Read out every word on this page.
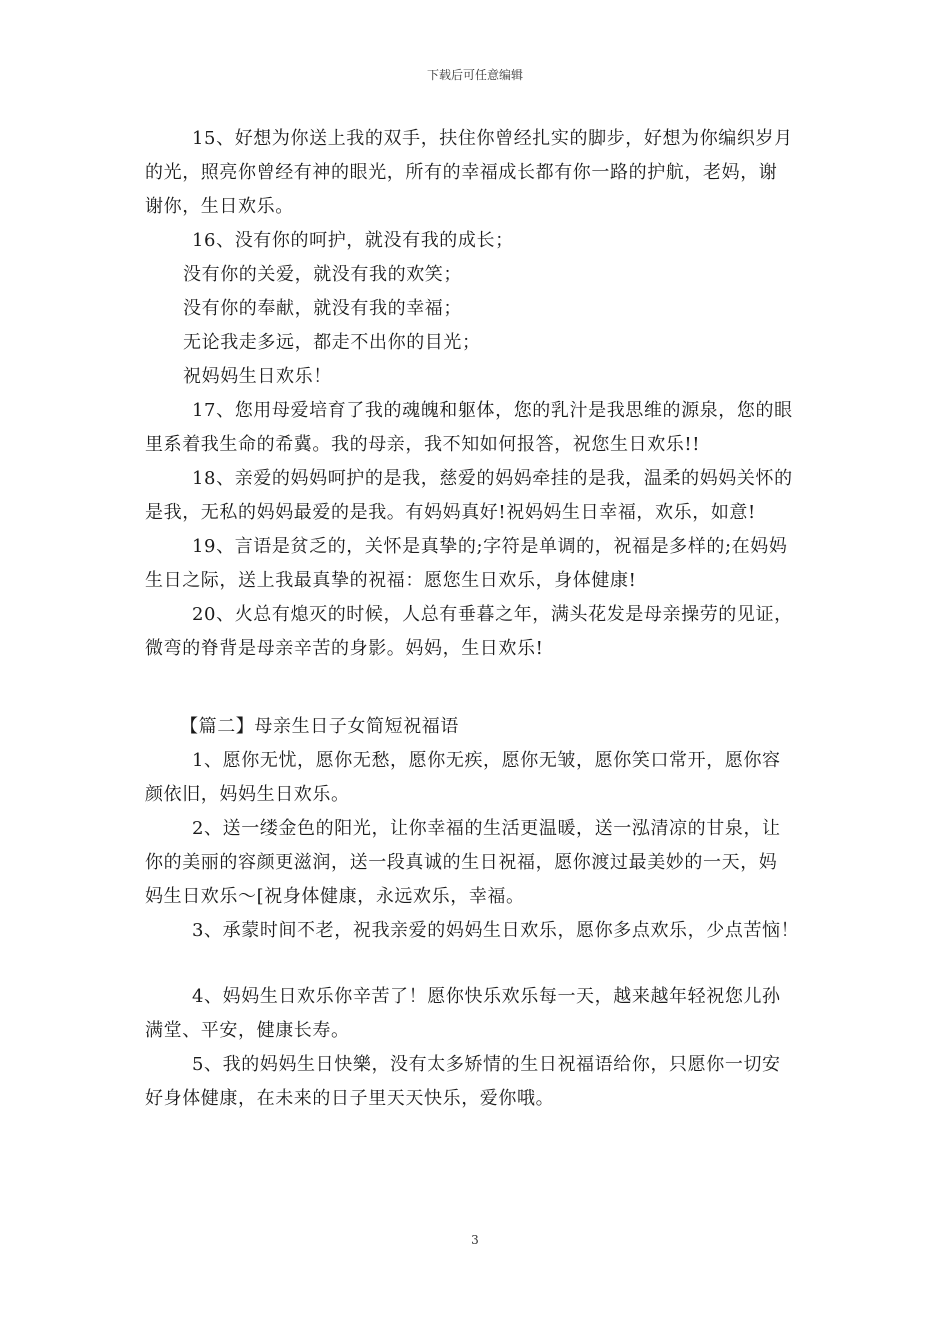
下载后可任意编辑
15、好想为你送上我的双手，扶住你曾经扎实的脚步，好想为你编织岁月
的光，照亮你曾经有神的眼光，所有的幸福成长都有你一路的护航，老妈，谢
谢你，生日欢乐。
16、没有你的呵护，就没有我的成长；
没有你的关爱，就没有我的欢笑；
没有你的奉献，就没有我的幸福；
无论我走多远，都走不出你的目光；
祝妈妈生日欢乐！
17、您用母爱培育了我的魂魄和躯体，您的乳汁是我思维的源泉，您的眼
里系着我生命的希冀。我的母亲，我不知如何报答，祝您生日欢乐!!
18、亲爱的妈妈呵护的是我，慈爱的妈妈牵挂的是我，温柔的妈妈关怀的
是我，无私的妈妈最爱的是我。有妈妈真好!祝妈妈生日幸福，欢乐，如意!
19、言语是贫乏的，关怀是真挚的;字符是单调的，祝福是多样的;在妈妈
生日之际，送上我最真挚的祝福：愿您生日欢乐，身体健康!
20、火总有熄灭的时候，人总有垂暮之年，满头花发是母亲操劳的见证，
微弯的脊背是母亲辛苦的身影。妈妈，生日欢乐!
【篇二】母亲生日子女简短祝福语
1、愿你无忧，愿你无愁，愿你无疾，愿你无皱，愿你笑口常开，愿你容
颜依旧，妈妈生日欢乐。
2、送一缕金色的阳光，让你幸福的生活更温暖，送一泓清凉的甘泉，让
你的美丽的容颜更滋润，送一段真诚的生日祝福，愿你渡过最美妙的一天，妈
妈生日欢乐～[祝身体健康，永远欢乐，幸福。
3、承蒙时间不老，祝我亲爱的妈妈生日欢乐，愿你多点欢乐，少点苦恼！
4、妈妈生日欢乐你辛苦了！愿你快乐欢乐每一天，越来越年轻祝您儿孙
满堂、平安，健康长寿。
5、我的妈妈生日快樂，没有太多矫情的生日祝福语给你，只愿你一切安
好身体健康，在未来的日子里天天快乐，爱你哦。
3
